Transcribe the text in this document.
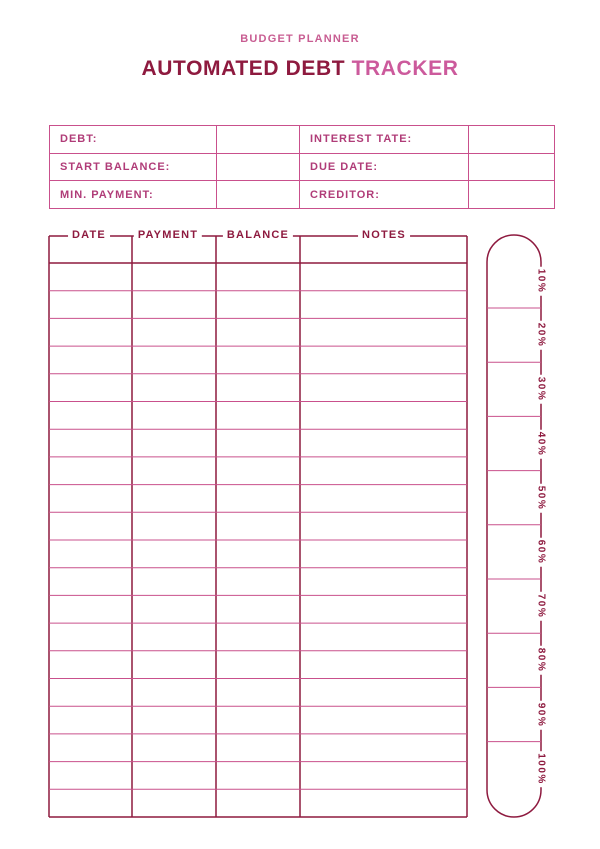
BUDGET PLANNER
AUTOMATED DEBT TRACKER
DEBT:		INTEREST TATE:	
START BALANCE:		DUE DATE:	
MIN. PAYMENT:		CREDITOR:	
DATE	PAYMENT	BALANCE	NOTES
10%
20%
30%
40%
50%
60%
70%
80%
90%
100%
